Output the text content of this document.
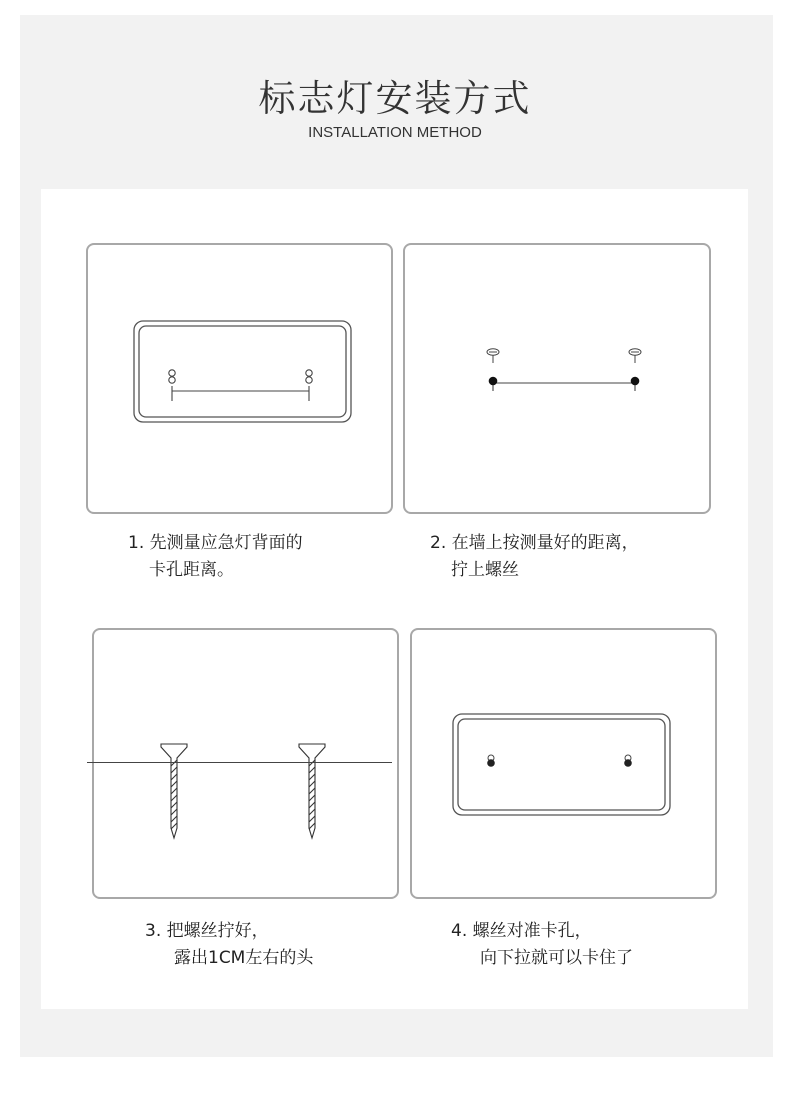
标志灯安装方式
INSTALLATION METHOD
1. 先测量应急灯背面的
卡孔距离。
2. 在墙上按测量好的距离，
拧上螺丝
3. 把螺丝拧好，
露出1CM左右的头
4. 螺丝对准卡孔，
向下拉就可以卡住了
